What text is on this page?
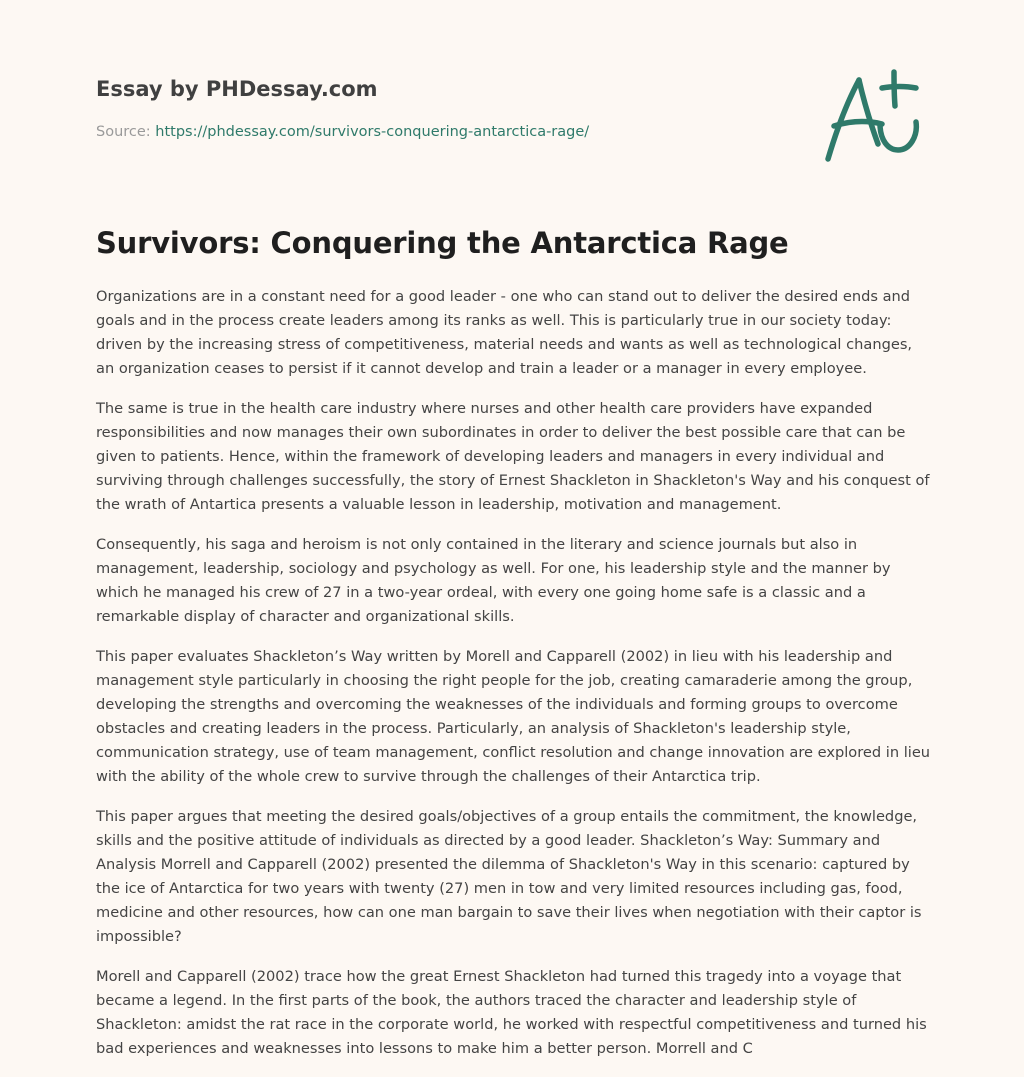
Essay by PHDessay.com
Source: https://phdessay.com/survivors-conquering-antarctica-rage/
Survivors: Conquering the Antarctica Rage

Organizations are in a constant need for a good leader - one who can stand out to deliver the desired ends and goals and in the process create leaders among its ranks as well. This is particularly true in our society today: driven by the increasing stress of competitiveness, material needs and wants as well as technological changes, an organization ceases to persist if it cannot develop and train a leader or a manager in every employee.

The same is true in the health care industry where nurses and other health care providers have expanded responsibilities and now manages their own subordinates in order to deliver the best possible care that can be given to patients. Hence, within the framework of developing leaders and managers in every individual and surviving through challenges successfully, the story of Ernest Shackleton in Shackleton's Way and his conquest of the wrath of Antartica presents a valuable lesson in leadership, motivation and management.

Consequently, his saga and heroism is not only contained in the literary and science journals but also in management, leadership, sociology and psychology as well. For one, his leadership style and the manner by which he managed his crew of 27 in a two-year ordeal, with every one going home safe is a classic and a remarkable display of character and organizational skills.

This paper evaluates Shackleton’s Way written by Morell and Capparell (2002) in lieu with his leadership and management style particularly in choosing the right people for the job, creating camaraderie among the group, developing the strengths and overcoming the weaknesses of the individuals and forming groups to overcome obstacles and creating leaders in the process. Particularly, an analysis of Shackleton's leadership style, communication strategy, use of team management, conflict resolution and change innovation are explored in lieu with the ability of the whole crew to survive through the challenges of their Antarctica trip.

This paper argues that meeting the desired goals/objectives of a group entails the commitment, the knowledge, skills and the positive attitude of individuals as directed by a good leader. Shackleton’s Way: Summary and Analysis Morrell and Capparell (2002) presented the dilemma of Shackleton's Way in this scenario: captured by the ice of Antarctica for two years with twenty (27) men in tow and very limited resources including gas, food, medicine and other resources, how can one man bargain to save their lives when negotiation with their captor is impossible?

Morell and Capparell (2002) trace how the great Ernest Shackleton had turned this tragedy into a voyage that became a legend. In the first parts of the book, the authors traced the character and leadership style of Shackleton: amidst the rat race in the corporate world, he worked with respectful competitiveness and turned his bad experiences and weaknesses into lessons to make him a better person. Morrell and C
